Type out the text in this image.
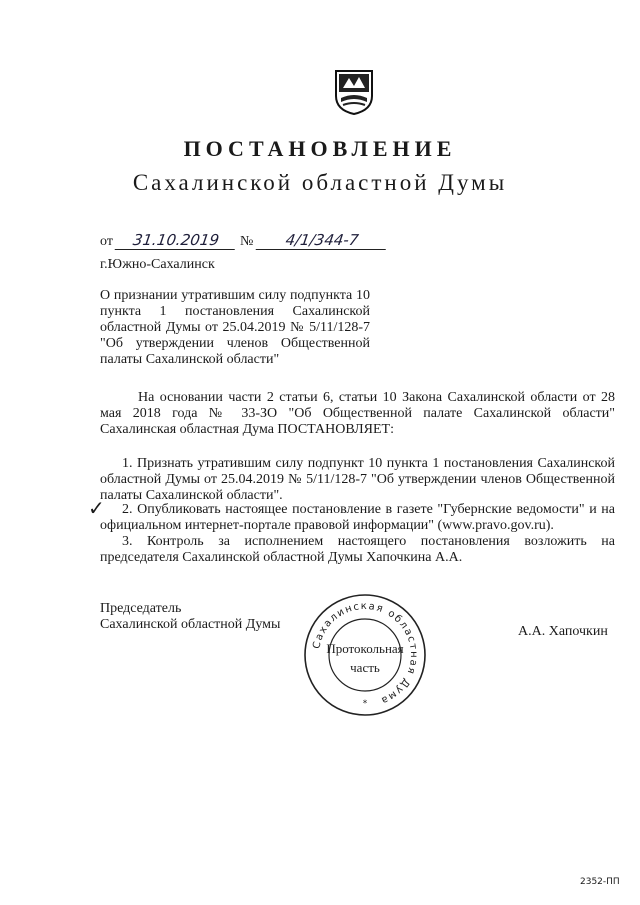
ПОСТАНОВЛЕНИЕ
Сахалинской областной Думы
от 31.10.2019 № 4/1/344-7
г.Южно-Сахалинск
О признании утратившим силу подпункта 10 пункта 1 постановления Сахалинской областной Думы от 25.04.2019 № 5/11/128-7 "Об утверждении членов Общественной палаты Сахалинской области"
На основании части 2 статьи 6, статьи 10 Закона Сахалинской области от 28 мая 2018 года № 33-ЗО "Об Общественной палате Сахалинской области" Сахалинская областная Дума ПОСТАНОВЛЯЕТ:
1. Признать утратившим силу подпункт 10 пункта 1 постановления Сахалинской областной Думы от 25.04.2019 № 5/11/128-7 "Об утверждении членов Общественной палаты Сахалинской области".
✓	2. Опубликовать настоящее постановление в газете "Губернские ведомости" и на официальном интернет-портале правовой информации" (www.pravo.gov.ru).
3. Контроль за исполнением настоящего постановления возложить на председателя Сахалинской областной Думы Хапочкина А.А.
Председатель
Сахалинской областной Думы
Сахалинская областная Дума
Протокольная
часть
*
А.А. Хапочкин
2352-ПП
